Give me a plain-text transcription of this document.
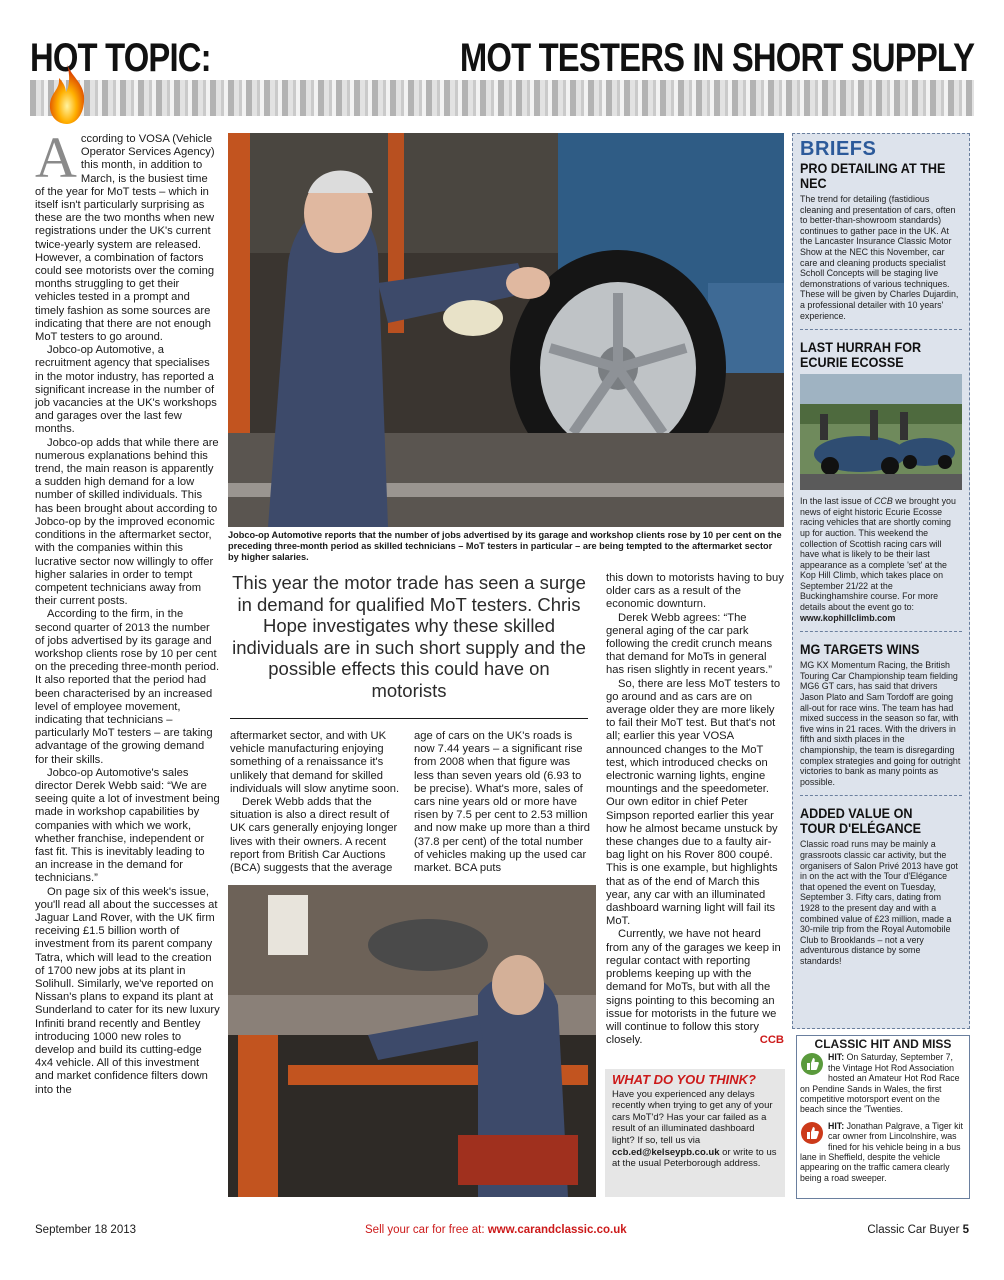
HOT TOPIC:	MOT TESTERS IN SHORT SUPPLY

According to VOSA (Vehicle Operator Services Agency) this month, in addition to March, is the busiest time of the year for MoT tests – which in itself isn't particularly surprising as these are the two months when new registrations under the UK's current twice-yearly system are released. However, a combination of factors could see motorists over the coming months struggling to get their vehicles tested in a prompt and timely fashion as some sources are indicating that there are not enough MoT testers to go around.

Jobco-op Automotive, a recruitment agency that specialises in the motor industry, has reported a significant increase in the number of job vacancies at the UK's workshops and garages over the last few months.

Jobco-op adds that while there are numerous explanations behind this trend, the main reason is apparently a sudden high demand for a low number of skilled individuals. This has been brought about according to Jobco-op by the improved economic conditions in the aftermarket sector, with the companies within this lucrative sector now willingly to offer higher salaries in order to tempt competent technicians away from their current posts.

According to the firm, in the second quarter of 2013 the number of jobs advertised by its garage and workshop clients rose by 10 per cent on the preceding three-month period. It also reported that the period had been characterised by an increased level of employee movement, indicating that technicians – particularly MoT testers – are taking advantage of the growing demand for their skills.

Jobco-op Automotive's sales director Derek Webb said: “We are seeing quite a lot of investment being made in workshop capabilities by companies with which we work, whether franchise, independent or fast fit. This is inevitably leading to an increase in the demand for technicians.”

On page six of this week's issue, you'll read all about the successes at Jaguar Land Rover, with the UK firm receiving £1.5 billion worth of investment from its parent company Tatra, which will lead to the creation of 1700 new jobs at its plant in Solihull. Similarly, we've reported on Nissan's plans to expand its plant at Sunderland to cater for its new luxury Infiniti brand recently and Bentley introducing 1000 new roles to develop and build its cutting-edge 4x4 vehicle. All of this investment and market confidence filters down into the

Jobco-op Automotive reports that the number of jobs advertised by its garage and workshop clients rose by 10 per cent on the preceding three-month period as skilled technicians – MoT testers in particular – are being tempted to the aftermarket sector by higher salaries.
This year the motor trade has seen a surge in demand for qualified MoT testers. Chris Hope investigates why these skilled individuals are in such short supply and the possible effects this could have on motorists

aftermarket sector, and with UK vehicle manufacturing enjoying something of a renaissance it's unlikely that demand for skilled individuals will slow anytime soon.

Derek Webb adds that the situation is also a direct result of UK cars generally enjoying longer lives with their owners. A recent report from British Car Auctions (BCA) suggests that the average

age of cars on the UK's roads is now 7.44 years – a significant rise from 2008 when that figure was less than seven years old (6.93 to be precise). What's more, sales of cars nine years old or more have risen by 7.5 per cent to 2.53 million and now make up more than a third (37.8 per cent) of the total number of vehicles making up the used car market. BCA puts

this down to motorists having to buy older cars as a result of the economic downturn.

Derek Webb agrees: “The general aging of the car park following the credit crunch means that demand for MoTs in general has risen slightly in recent years.”

So, there are less MoT testers to go around and as cars are on average older they are more likely to fail their MoT test. But that's not all; earlier this year VOSA announced changes to the MoT test, which introduced checks on electronic warning lights, engine mountings and the speedometer. Our own editor in chief Peter Simpson reported earlier this year how he almost became unstuck by these changes due to a faulty air-bag light on his Rover 800 coupé. This is one example, but highlights that as of the end of March this year, any car with an illuminated dashboard warning light will fail its MoT.

Currently, we have not heard from any of the garages we keep in regular contact with reporting problems keeping up with the demand for MoTs, but with all the signs pointing to this becoming an issue for motorists in the future we will continue to follow this story closely.	CCB

WHAT DO YOU THINK?
Have you experienced any delays recently when trying to get any of your cars MoT'd? Has your car failed as a result of an illuminated dashboard light? If so, tell us via ccb.ed@kelseypb.co.uk or write to us at the usual Peterborough address.
BRIEFS
PRO DETAILING AT THE NEC

The trend for detailing (fastidious cleaning and presentation of cars, often to better-than-showroom standards) continues to gather pace in the UK. At the Lancaster Insurance Classic Motor Show at the NEC this November, car care and cleaning products specialist Scholl Concepts will be staging live demonstrations of various techniques. These will be given by Charles Dujardin, a professional detailer with 10 years' experience.

LAST HURRAH FOR ECURIE ECOSSE

In the last issue of CCB we brought you news of eight historic Ecurie Ecosse racing vehicles that are shortly coming up for auction. This weekend the collection of Scottish racing cars will have what is likely to be their last appearance as a complete 'set' at the Kop Hill Climb, which takes place on September 21/22 at the Buckinghamshire course. For more details about the event go to: www.kophillclimb.com

MG TARGETS WINS

MG KX Momentum Racing, the British Touring Car Championship team fielding MG6 GT cars, has said that drivers Jason Plato and Sam Tordoff are going all-out for race wins. The team has had mixed success in the season so far, with five wins in 21 races. With the drivers in fifth and sixth places in the championship, the team is disregarding complex strategies and going for outright victories to bank as many points as possible.

ADDED VALUE ON TOUR D'ELÉGANCE

Classic road runs may be mainly a grassroots classic car activity, but the organisers of Salon Privé 2013 have got in on the act with the Tour d'Elégance that opened the event on Tuesday, September 3. Fifty cars, dating from 1928 to the present day and with a combined value of £23 million, made a 30-mile trip from the Royal Automobile Club to Brooklands – not a very adventurous distance by some standards!

CLASSIC HIT AND MISS
HIT: On Saturday, September 7, the Vintage Hot Rod Association hosted an Amateur Hot Rod Race on Pendine Sands in Wales, the first competitive motorsport event on the beach since the 'Twenties.
HIT: Jonathan Palgrave, a Tiger kit car owner from Lincolnshire, was fined for his vehicle being in a bus lane in Sheffield, despite the vehicle appearing on the traffic camera clearly being a road sweeper.
September 18 2013	Sell your car for free at: www.carandclassic.co.uk	Classic Car Buyer 5
